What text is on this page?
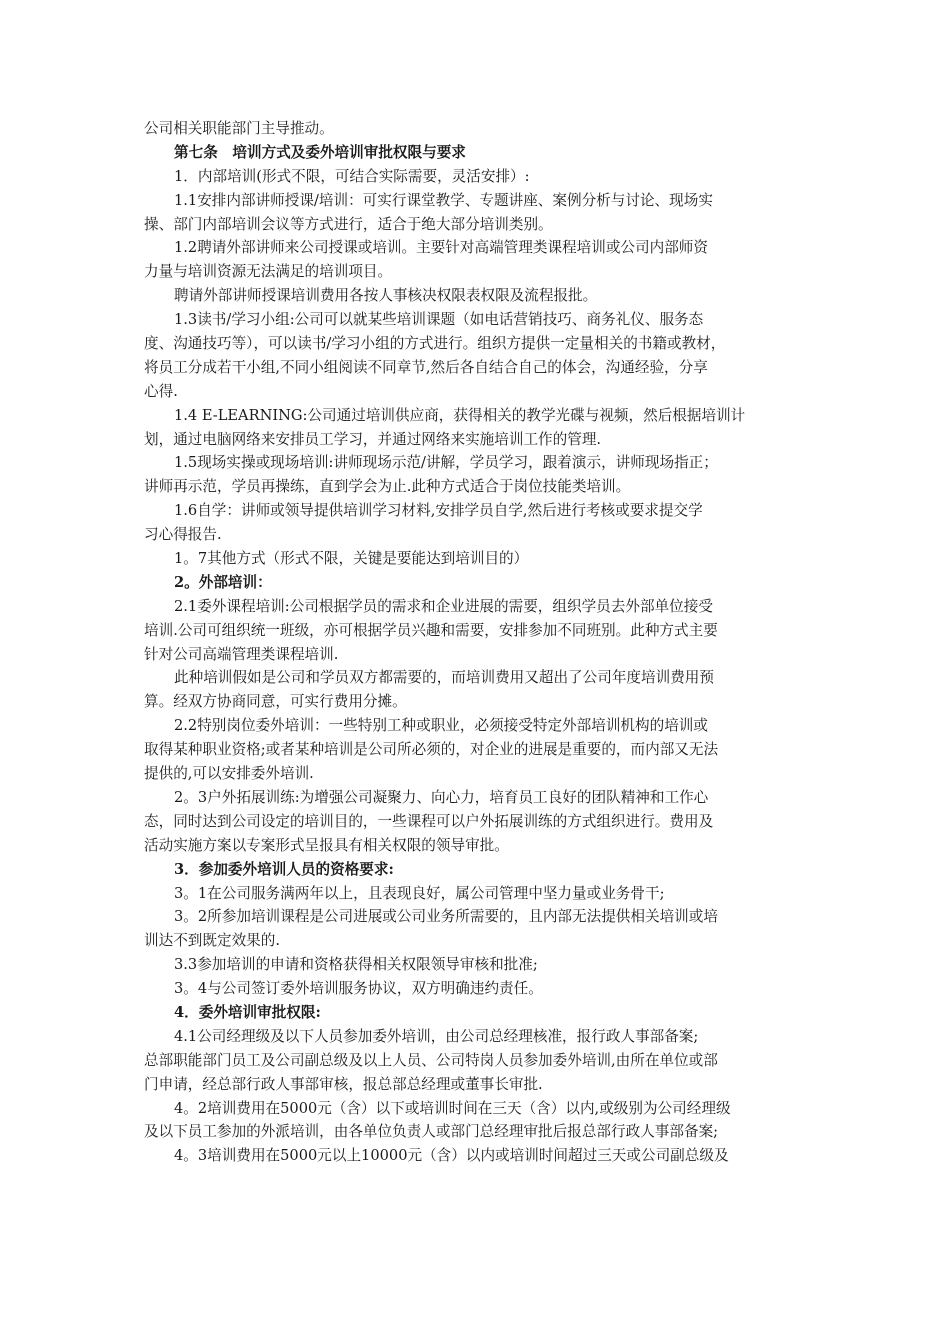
公司相关职能部门主导推动。
第七条　培训方式及委外培训审批权限与要求
1．内部培训(形式不限，可结合实际需要，灵活安排）:
1.1安排内部讲师授课/培训：可实行课堂教学、专题讲座、案例分析与讨论、现场实
操、部门内部培训会议等方式进行，适合于绝大部分培训类别。
1.2聘请外部讲师来公司授课或培训。主要针对高端管理类课程培训或公司内部师资
力量与培训资源无法满足的培训项目。
聘请外部讲师授课培训费用各按人事核决权限表权限及流程报批。
1.3读书/学习小组:公司可以就某些培训课题（如电话营销技巧、商务礼仪、服务态
度、沟通技巧等），可以读书/学习小组的方式进行。组织方提供一定量相关的书籍或教材，
将员工分成若干小组,不同小组阅读不同章节,然后各自结合自己的体会，沟通经验，分享
心得.
1.4 E-LEARNING:公司通过培训供应商，获得相关的教学光碟与视频，然后根据培训计
划，通过电脑网络来安排员工学习，并通过网络来实施培训工作的管理.
1.5现场实操或现场培训:讲师现场示范/讲解，学员学习，跟着演示，讲师现场指正；
讲师再示范，学员再操练，直到学会为止.此种方式适合于岗位技能类培训。
1.6自学：讲师或领导提供培训学习材料,安排学员自学,然后进行考核或要求提交学
习心得报告.
1。7其他方式（形式不限，关键是要能达到培训目的）
2。外部培训：
2.1委外课程培训:公司根据学员的需求和企业进展的需要，组织学员去外部单位接受
培训.公司可组织统一班级，亦可根据学员兴趣和需要，安排参加不同班别。此种方式主要
针对公司高端管理类课程培训.
此种培训假如是公司和学员双方都需要的，而培训费用又超出了公司年度培训费用预
算。经双方协商同意，可实行费用分摊。
2.2特别岗位委外培训：一些特别工种或职业，必须接受特定外部培训机构的培训或
取得某种职业资格;或者某种培训是公司所必须的，对企业的进展是重要的，而内部又无法
提供的,可以安排委外培训.
2。3户外拓展训练:为增强公司凝聚力、向心力，培育员工良好的团队精神和工作心
态，同时达到公司设定的培训目的，一些课程可以户外拓展训练的方式组织进行。费用及
活动实施方案以专案形式呈报具有相关权限的领导审批。
3．参加委外培训人员的资格要求:
3。1在公司服务满两年以上，且表现良好，属公司管理中坚力量或业务骨干;
3。2所参加培训课程是公司进展或公司业务所需要的，且内部无法提供相关培训或培
训达不到既定效果的.
3.3参加培训的申请和资格获得相关权限领导审核和批准;
3。4与公司签订委外培训服务协议，双方明确违约责任。
4．委外培训审批权限:
4.1公司经理级及以下人员参加委外培训，由公司总经理核准，报行政人事部备案;
总部职能部门员工及公司副总级及以上人员、公司特岗人员参加委外培训,由所在单位或部
门申请，经总部行政人事部审核，报总部总经理或董事长审批.
4。2培训费用在5000元（含）以下或培训时间在三天（含）以内,或级别为公司经理级
及以下员工参加的外派培训，由各单位负责人或部门总经理审批后报总部行政人事部备案;
4。3培训费用在5000元以上10000元（含）以内或培训时间超过三天或公司副总级及
